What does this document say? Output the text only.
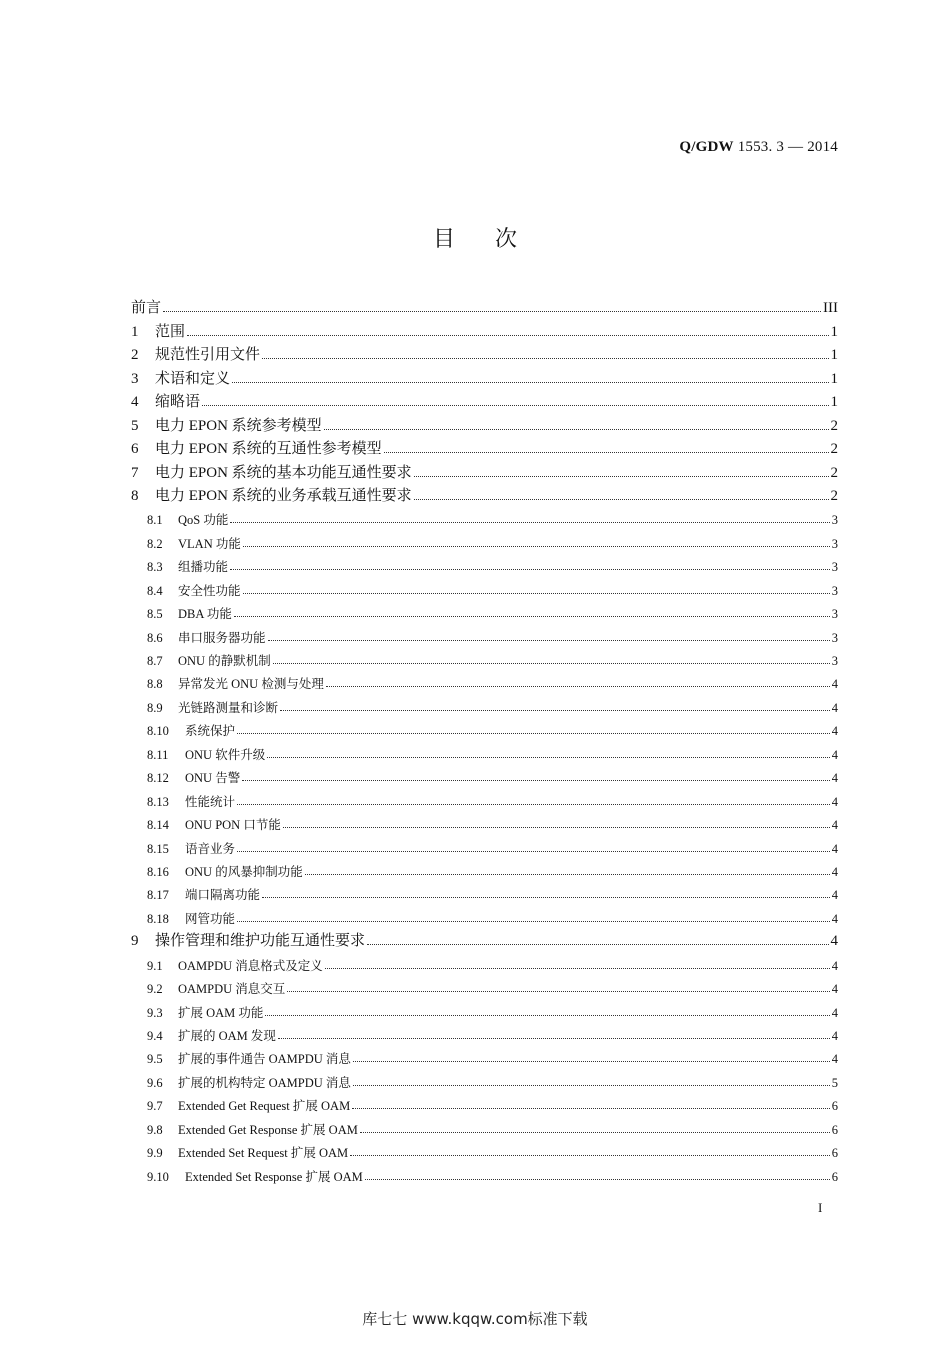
Q/GDW 1553. 3 — 2014
目次
前言	III
1	范围	1
2	规范性引用文件	1
3	术语和定义	1
4	缩略语	1
5	电力 EPON 系统参考模型	2
6	电力 EPON 系统的互通性参考模型	2
7	电力 EPON 系统的基本功能互通性要求	2
8	电力 EPON 系统的业务承载互通性要求	2
8.1	QoS 功能	3
8.2	VLAN 功能	3
8.3	组播功能	3
8.4	安全性功能	3
8.5	DBA 功能	3
8.6	串口服务器功能	3
8.7	ONU 的静默机制	3
8.8	异常发光 ONU 检测与处理	4
8.9	光链路测量和诊断	4
8.10	系统保护	4
8.11	ONU 软件升级	4
8.12	ONU 告警	4
8.13	性能统计	4
8.14	ONU PON 口节能	4
8.15	语音业务	4
8.16	ONU 的风暴抑制功能	4
8.17	端口隔离功能	4
8.18	网管功能	4
9	操作管理和维护功能互通性要求	4
9.1	OAMPDU 消息格式及定义	4
9.2	OAMPDU 消息交互	4
9.3	扩展 OAM 功能	4
9.4	扩展的 OAM 发现	4
9.5	扩展的事件通告 OAMPDU 消息	4
9.6	扩展的机构特定 OAMPDU 消息	5
9.7	Extended Get Request 扩展 OAM	6
9.8	Extended Get Response 扩展 OAM	6
9.9	Extended Set Request 扩展 OAM	6
9.10	Extended Set Response 扩展 OAM	6
I
库七七 www.kqqw.com标准下载
